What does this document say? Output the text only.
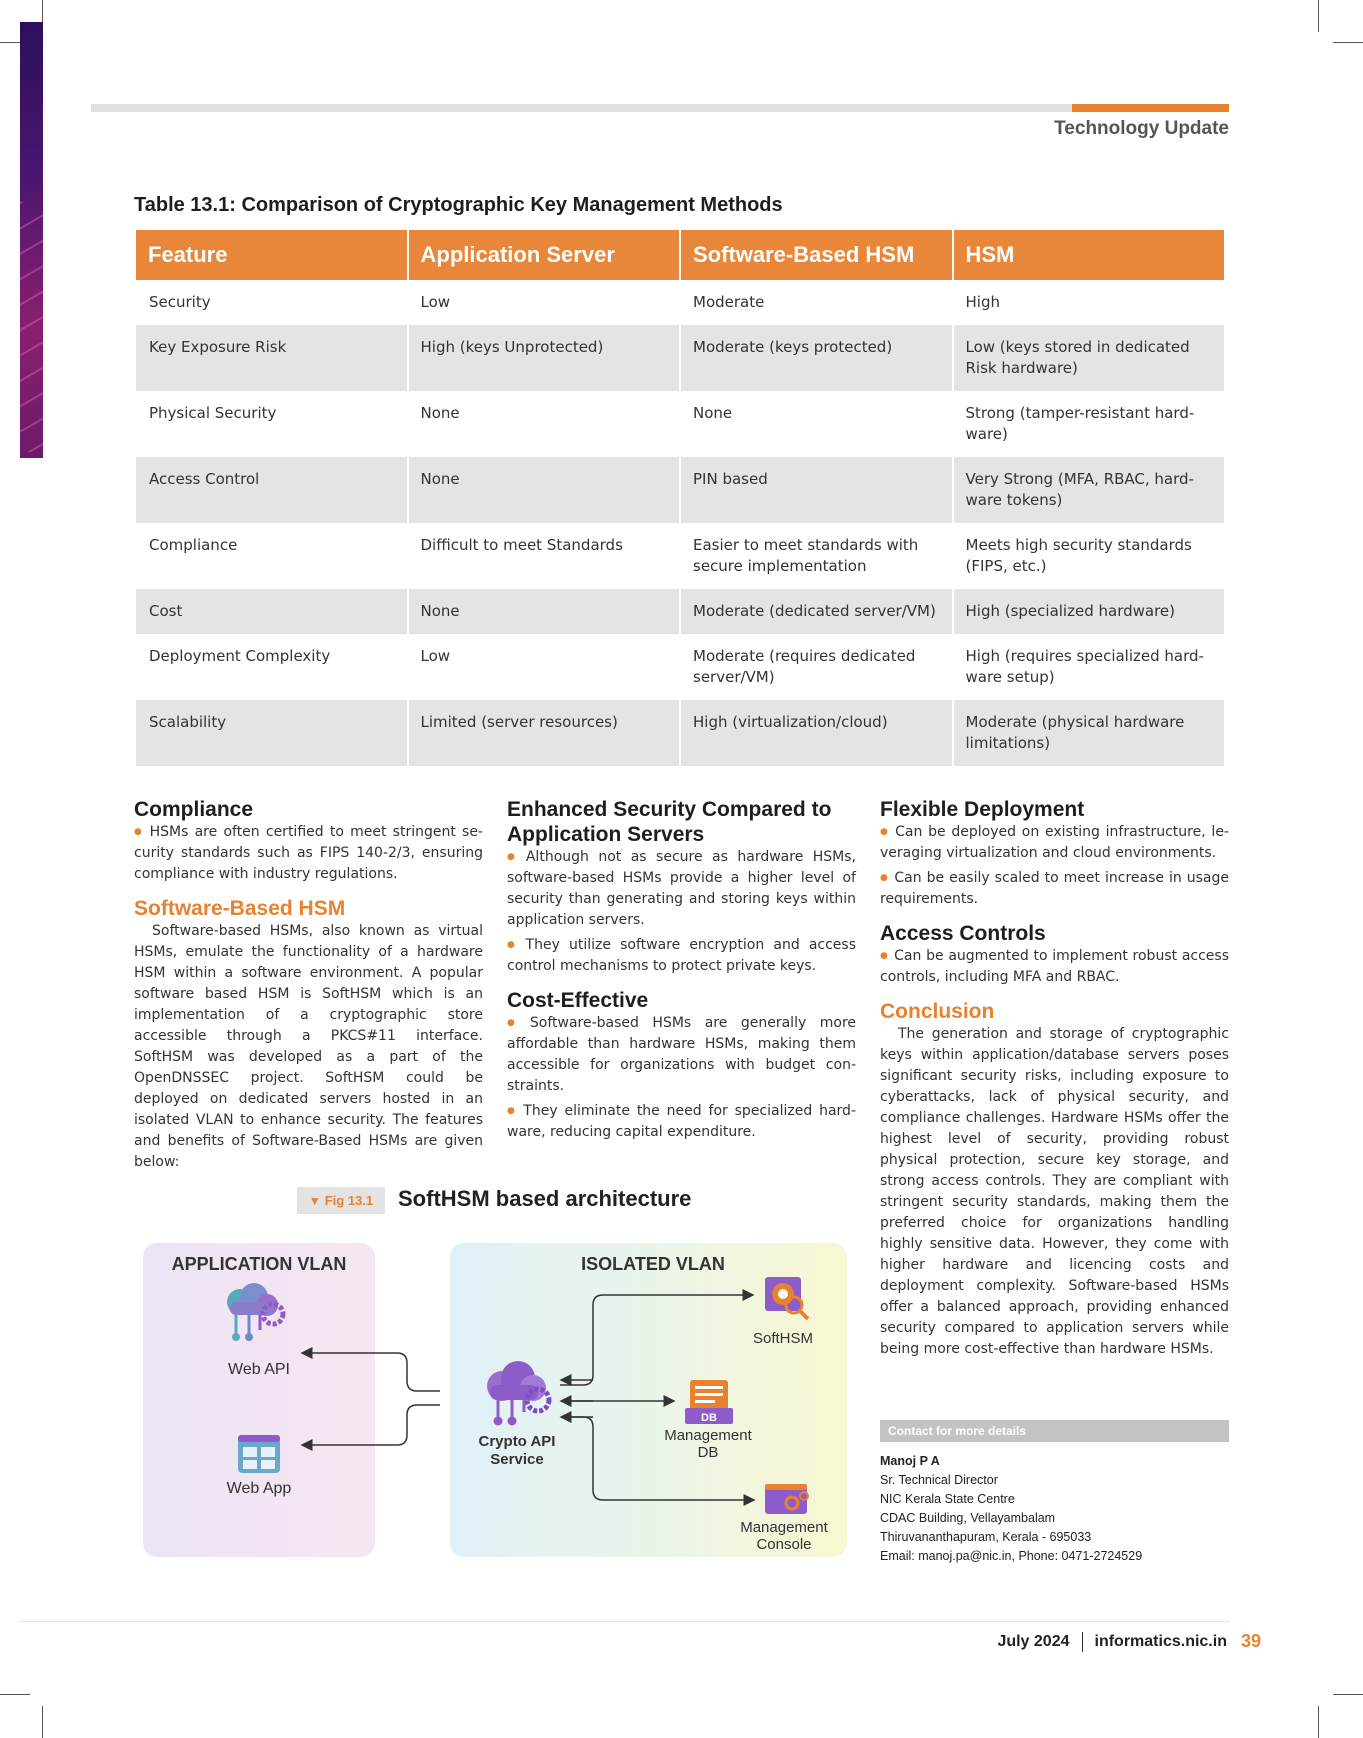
Technology Update
Table 13.1: Comparison of Cryptographic Key Management Methods
Feature	Application Server	Software-Based HSM	HSM
Security	Low	Moderate	High
Key Exposure Risk	High (keys Unprotected)	Moderate (keys protected)	Low (keys stored in dedicated Risk hardware)
Physical Security	None	None	Strong (tamper-resistant hard-ware)
Access Control	None	PIN based	Very Strong (MFA, RBAC, hard-ware tokens)
Compliance	Difficult to meet Standards	Easier to meet standards with secure implementation	Meets high security standards (FIPS, etc.)
Cost	None	Moderate (dedicated server/VM)	High (specialized hardware)
Deployment Complexity	Low	Moderate (requires dedicated server/VM)	High (requires specialized hard-ware setup)
Scalability	Limited (server resources)	High (virtualization/cloud)	Moderate (physical hardware limitations)
Compliance

● HSMs are often certified to meet stringent se-curity standards such as FIPS 140-2/3, ensuring compliance with industry regulations.

Software-Based HSM

Software-based HSMs, also known as virtual HSMs, emulate the functionality of a hardware HSM within a software environment. A popular software based HSM is SoftHSM which is an implementation of a cryptographic store accessible through a PKCS#11 interface. SoftHSM was developed as a part of the OpenDNSSEC project. SoftHSM could be deployed on dedicated servers hosted in an isolated VLAN to enhance security. The features and benefits of Software-Based HSMs are given below:

Enhanced Security Compared to Application Servers

● Although not as secure as hardware HSMs, software-based HSMs provide a higher level of security than generating and storing keys within application servers.

● They utilize software encryption and access control mechanisms to protect private keys.

Cost-Effective

● Software-based HSMs are generally more affordable than hardware HSMs, making them accessible for organizations with budget con-straints.

● They eliminate the need for specialized hard-ware, reducing capital expenditure.

Flexible Deployment

● Can be deployed on existing infrastructure, le-veraging virtualization and cloud environments.

● Can be easily scaled to meet increase in usage requirements.

Access Controls

● Can be augmented to implement robust access controls, including MFA and RBAC.

Conclusion

The generation and storage of cryptographic keys within application/database servers poses significant security risks, including exposure to cyberattacks, lack of physical security, and compliance challenges. Hardware HSMs offer the highest level of security, providing robust physical protection, secure key storage, and strong access controls. They are compliant with stringent security standards, making them the preferred choice for organizations handling highly sensitive data. However, they come with higher hardware and licencing costs and deployment complexity. Software-based HSMs offer a balanced approach, providing enhanced security compared to application servers while being more cost-effective than hardware HSMs.

▼ Fig 13.1	SoftHSM based architecture
APPLICATION VLAN	ISOLATED VLAN
Web API
Web App
Crypto API
Service
SoftHSM
DB
Management
DB
Management
Console
Contact for more details
Manoj P A
Sr. Technical Director
NIC Kerala State Centre
CDAC Building, Vellayambalam
Thiruvananthapuram, Kerala - 695033
Email: manoj.pa@nic.in, Phone: 0471-2724529
July 2024 informatics.nic.in 39
